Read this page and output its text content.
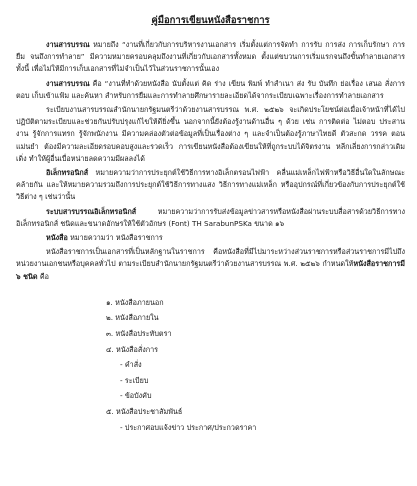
คู่มือการเขียนหนังสือราชการ

งานสารบรรณ หมายถึง “งานที่เกี่ยวกับการบริหารงานเอกสาร เริ่มตั้งแต่การจัดทำ การรับ การส่ง การเก็บรักษา การยืม จนถึงการทำลาย” มีความหมายครอบคลุมถึงงานที่เกี่ยวกับเอกสารทั้งหมด ตั้งแต่ขบวนการเริ่มแรกจนถึงขั้นทำลายเอกสาร ทั้งนี้ เพื่อไม่ให้มีการเก็บเอกสารที่ไม่จำเป็นไว้ในส่วนราชการนั้นเอง

งานสารบรรณ คือ “งานที่ทำด้วยหนังสือ นับตั้งแต่ คิด ร่าง เขียน พิมพ์ ทำสำเนา ส่ง รับ บันทึก ย่อเรื่อง เสนอ สั่งการ ตอบ เก็บเข้าแฟ้ม และค้นหา สำหรับการยืมและการทำลายศึกษารายละเอียดได้จากระเบียบเฉพาะเรื่องการทำลายเอกสาร

ระเบียบงานสารบรรณสำนักนายกรัฐมนตรีว่าด้วยงานสารบรรณ พ.ศ. ๒๕๒๖ จะเกิดประโยชน์ต่อเมื่อเจ้าหน้าที่ได้ไปปฏิบัติตามระเบียบและช่วยกันปรับปรุงแก้ไขให้ดียิ่งขึ้น นอกจากนี้ยังต้องรู้งานด้านอื่น ๆ ด้วย เช่น การติดต่อ ไม่ตอบ ประสานงาน รู้จักการแทรก รู้จักพนักงาน มีความคล่องตัวต่อข้อมูลที่เป็นเรื่องต่าง ๆ และจำเป็นต้องรู้ภาษาไทยดี ตัวสะกด วรรค ตอน แม่นยำ ต้องมีความละเอียดรอบคอบสูงและรวดเร็ว การเขียนหนังสือต้องเขียนให้ที่ถูกระบบได้จิตรงาน หลีกเลี่ยงการกล่าวเดิมเดิ่ง ทำให้ผู้อื่นเบื่อหน่ายลดความมีผลลงได้

อิเล็กทรอนิกส์ หมายความว่าการประยุกต์ใช้วิธีการทางอิเล็กตรอนไฟฟ้า คลื่นแม่เหล็กไฟฟ้าหรือวิธีอื่นใดในลักษณะคล้ายกัน และให้หมายความรวมถึงการประยุกต์ใช้วิธีการทางแสง วิธีการทางแม่เหล็ก หรืออุปกรณ์ที่เกี่ยวข้องกับการประยุกต์ใช้วิธีต่าง ๆ เช่นว่านั้น

ระบบสารบรรณอิเล็กทรอนิกส์ หมายความว่าการรับส่งข้อมูลข่าวสารหรือหนังสือผ่านระบบสื่อสารด้วยวิธีการทางอิเล็กทรอนิกส์ ชนิดและขนาดอักษรให้ใช้ตัวอักษร (Font) TH SarabunPSKa ขนาด ๑๖

หนังสือ หมายความว่า หนังสือราชการ

หนังสือราชการเป็นเอกสารที่เป็นหลักฐานในราชการ คือหนังสือที่มีไปมาระหว่างส่วนราชการหรือส่วนราชการมีไปถึงหน่วยงานเอกชนหรือบุคคลทั่วไป ตามระเบียบสำนักนายกรัฐมนตรีว่าด้วยงานสารบรรณ พ.ศ. ๒๕๒๖ กำหนดให้หนังสือราชการมี ๖ ชนิด คือ

๑. หนังสือภายนอก
๒. หนังสือภายใน
๓. หนังสือประทับตรา
๔. หนังสือสั่งการ
- คำสั่ง
- ระเบียบ
- ข้อบังคับ
๕. หนังสือประชาสัมพันธ์
- ประกาศอบแจ้งข่าว ประกาศ/ประกวดราคา
